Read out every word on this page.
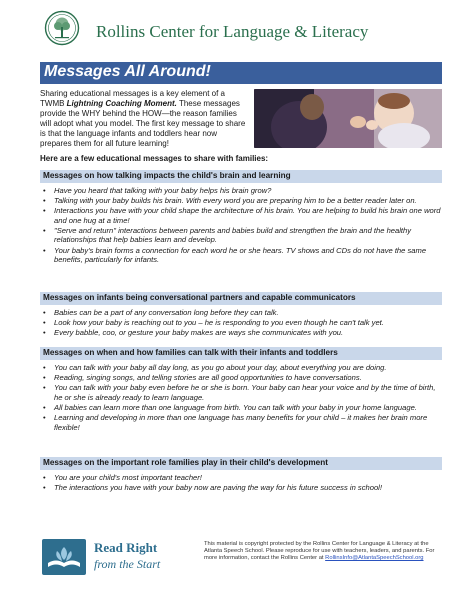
Rollins Center for Language & Literacy
Messages All Around!
Sharing educational messages is a key element of a TWMB Lightning Coaching Moment. These messages provide the WHY behind the HOW—the reason families will adopt what you model. The first key message to share is that the language infants and toddlers hear now prepares them for all future learning!
Here are a few educational messages to share with families:
Messages on how talking impacts the child's brain and learning
• Have you heard that talking with your baby helps his brain grow?
• Talking with your baby builds his brain. With every word you are preparing him to be a better reader later on.
• Interactions you have with your child shape the architecture of his brain. You are helping to build his brain one word and one hug at a time!
• "Serve and return" interactions between parents and babies build and strengthen the brain and the healthy relationships that help babies learn and develop.
• Your baby's brain forms a connection for each word he or she hears. TV shows and CDs do not have the same benefits, particularly for infants.
Messages on infants being conversational partners and capable communicators
• Babies can be a part of any conversation long before they can talk.
• Look how your baby is reaching out to you – he is responding to you even though he can't talk yet.
• Every babble, coo, or gesture your baby makes are ways she communicates with you.
Messages on when and how families can talk with their infants and toddlers
• You can talk with your baby all day long, as you go about your day, about everything you are doing.
• Reading, singing songs, and telling stories are all good opportunities to have conversations.
• You can talk with your baby even before he or she is born. Your baby can hear your voice and by the time of birth, he or she is already ready to learn language.
• All babies can learn more than one language from birth. You can talk with your baby in your home language.
• Learning and developing in more than one language has many benefits for your child – it makes her brain more flexible!
Messages on the important role families play in their child's development
• You are your child's most important teacher!
• The interactions you have with your baby now are paving the way for his future success in school!
Read Right
from the Start
This material is copyright protected by the Rollins Center for Language & Literacy at the Atlanta Speech School. Please reproduce for use with teachers, leaders, and parents. For more information, contact the Rollins Center at RollinsInfo@AtlantaSpeechSchool.org
